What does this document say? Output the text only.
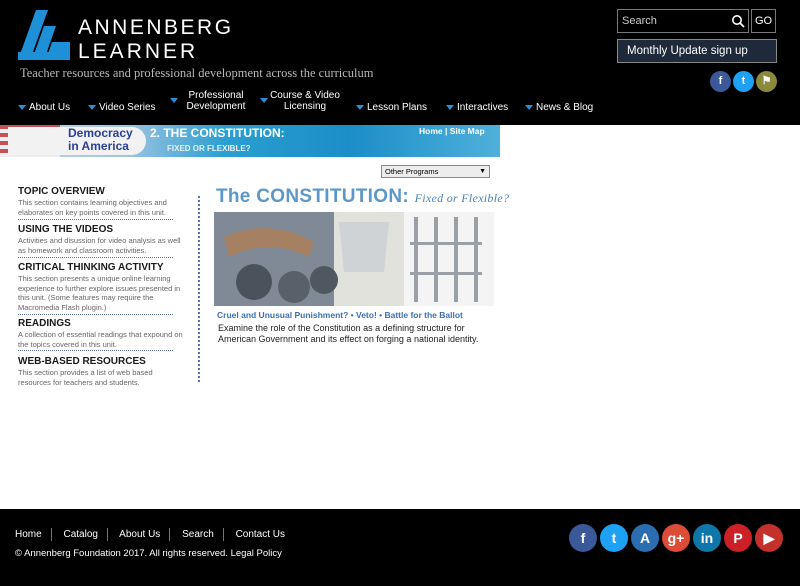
ANNENBERG
LEARNER
Teacher resources and professional development across the curriculum
Search
GO
Monthly Update sign up
f	t	⚑
About Us	Video Series
Professional Development
Course & Video Licensing	Lesson Plans	Interactives	News & Blog
Democracy
in America
2. THE CONSTITUTION:
FIXED OR FLEXIBLE?
Home | Site Map
Other Programs	▼
TOPIC OVERVIEW
This section contains learning objectives and elaborates on key points covered in this unit.
USING THE VIDEOS
Activities and disussion for video analysis as well as homework and classroom activities.
CRITICAL THINKING ACTIVITY
This section presents a unique online learning experience to further explore issues presented in this unit. (Some features may require the Macromedia Flash plugin.)
READINGS
A collection of essential readings that expound on the topics covered in this unit.
WEB-BASED RESOURCES
This section provides a list of web based resources for teachers and students.
The CONSTITUTION: Fixed or Flexible?
Cruel and Unusual Punishment? • Veto! • Battle for the Ballot
Examine the role of the Constitution as a defining structure for American Government and its effect on forging a national identity.
Home Catalog About Us Search Contact Us
© Annenberg Foundation 2017. All rights reserved. Legal Policy
f	t	A	g+	in	P	▶
